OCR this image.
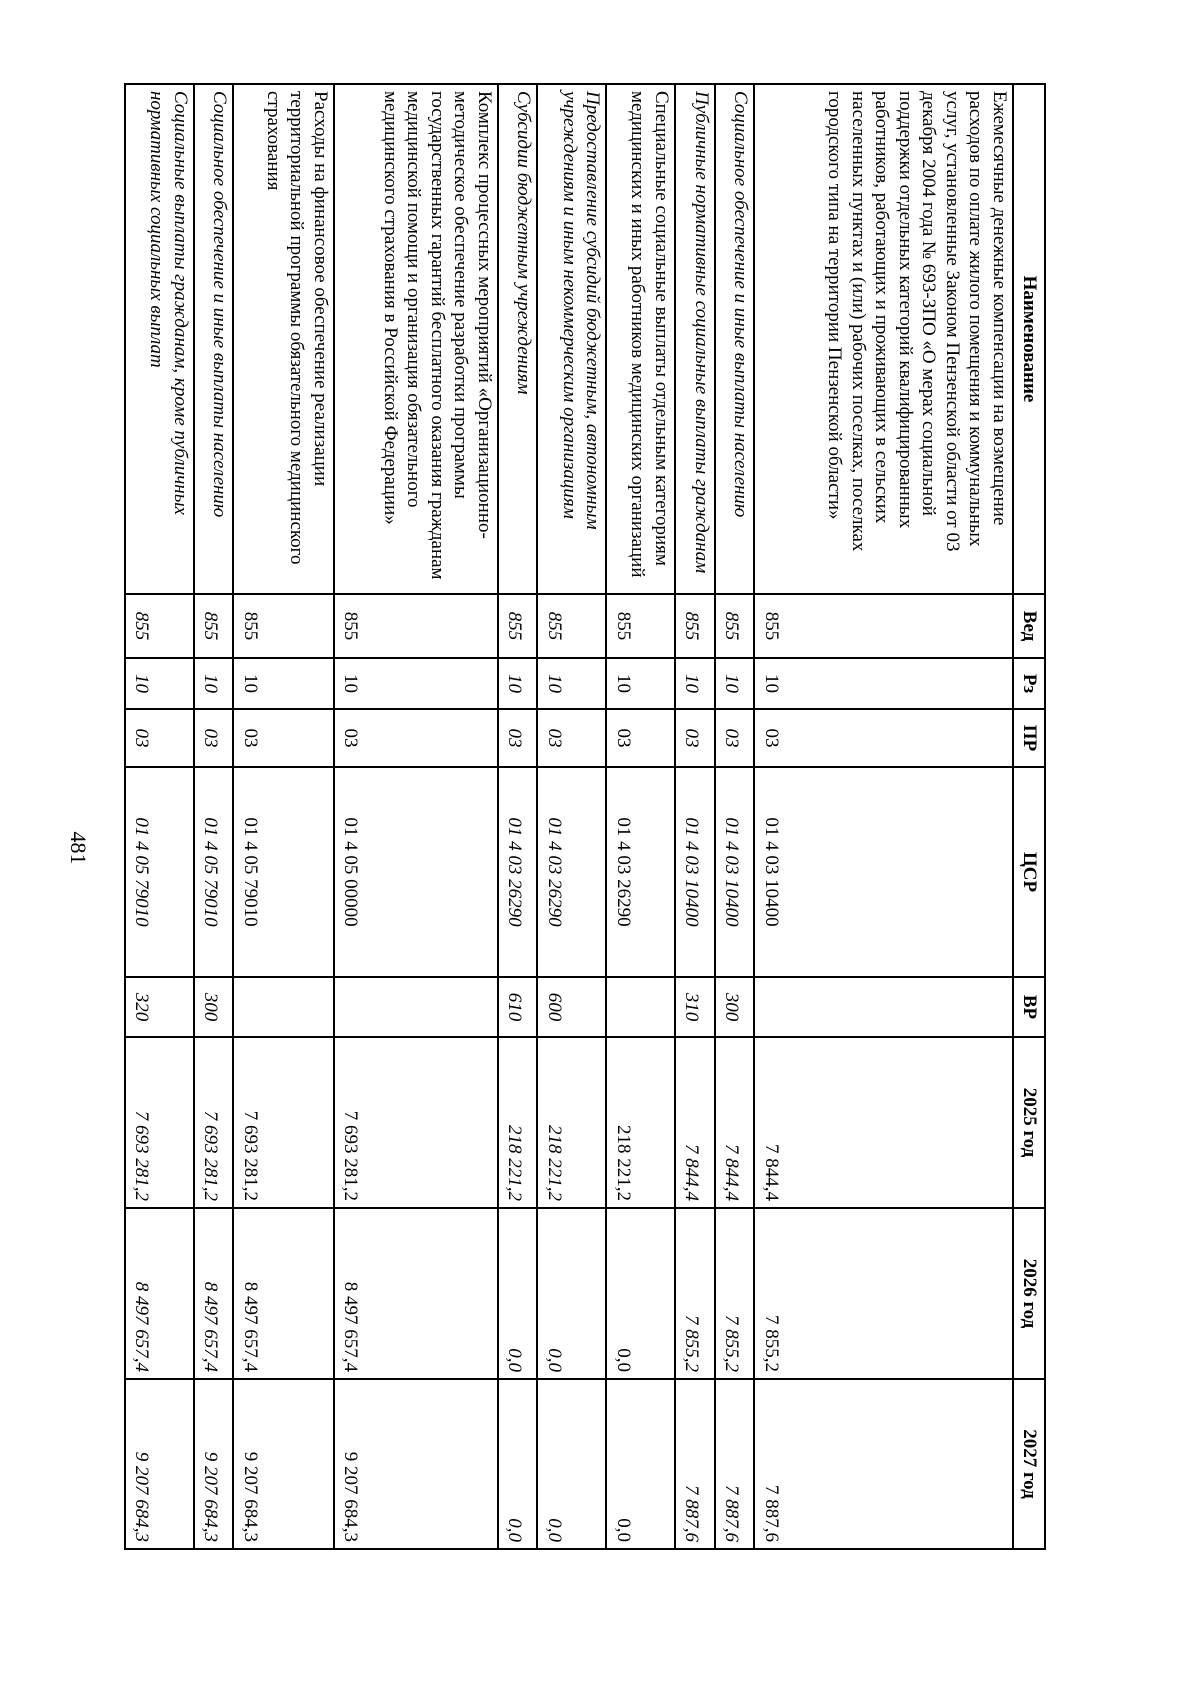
481
Наименование	Вед	Рз	ПР	ЦСР	ВР	2025 год	2026 год	2027 год
Ежемесячные денежные компенсации на возмещение расходов по оплате жилого помещения и коммунальных услуг, установленные Законом Пензенской области от 03 декабря 2004 года № 693-ЗПО «О мерах социальной поддержки отдельных категорий квалифицированных работников, работающих и проживающих в сельских населенных пунктах и (или) рабочих поселках, поселках городского типа на территории Пензенской области»	855	10	03	01 4 03 10400		7 844,4	7 855,2	7 887,6
Социальное обеспечение и иные выплаты населению	855	10	03	01 4 03 10400	300	7 844,4	7 855,2	7 887,6
Публичные нормативные социальные выплаты гражданам	855	10	03	01 4 03 10400	310	7 844,4	7 855,2	7 887,6
Специальные социальные выплаты отдельным категориям медицинских и иных работников медицинских организаций	855	10	03	01 4 03 26290		218 221,2	0,0	0,0
Предоставление субсидий бюджетным, автономным учреждениям и иным некоммерческим организациям	855	10	03	01 4 03 26290	600	218 221,2	0,0	0,0
Субсидии бюджетным учреждениям	855	10	03	01 4 03 26290	610	218 221,2	0,0	0,0
Комплекс процессных мероприятий «Организационно-методическое обеспечение разработки программы государственных гарантий бесплатного оказания гражданам медицинской помощи и организация обязательного медицинского страхования в Российской Федерации»	855	10	03	01 4 05 00000		7 693 281,2	8 497 657,4	9 207 684,3
Расходы на финансовое обеспечение реализации территориальной программы обязательного медицинского страхования	855	10	03	01 4 05 79010		7 693 281,2	8 497 657,4	9 207 684,3
Социальное обеспечение и иные выплаты населению	855	10	03	01 4 05 79010	300	7 693 281,2	8 497 657,4	9 207 684,3
Социальные выплаты гражданам, кроме публичных нормативных социальных выплат	855	10	03	01 4 05 79010	320	7 693 281,2	8 497 657,4	9 207 684,3
